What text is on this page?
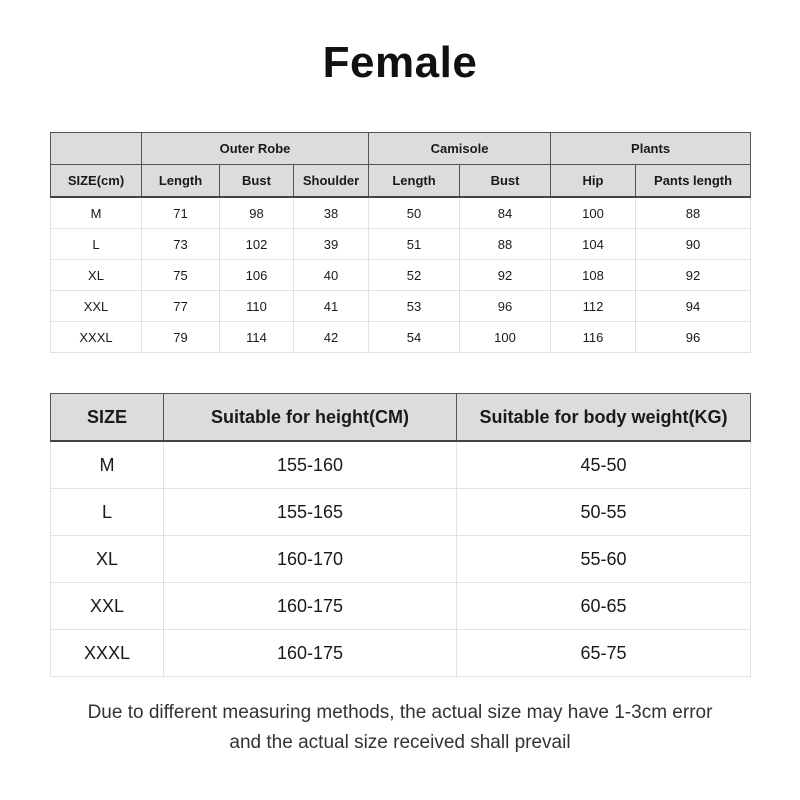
Female
	Outer Robe			Camisole		Plants	
SIZE(cm)	Length	Bust	Shoulder	Length	Bust	Hip	Pants length
M	71	98	38	50	84	100	88
L	73	102	39	51	88	104	90
XL	75	106	40	52	92	108	92
XXL	77	110	41	53	96	112	94
XXXL	79	114	42	54	100	116	96
SIZE	Suitable for height(CM)	Suitable for body weight(KG)
M	155-160	45-50
L	155-165	50-55
XL	160-170	55-60
XXL	160-175	60-65
XXXL	160-175	65-75
Due to different measuring methods, the actual size may have 1-3cm error
and the actual size received shall prevail
